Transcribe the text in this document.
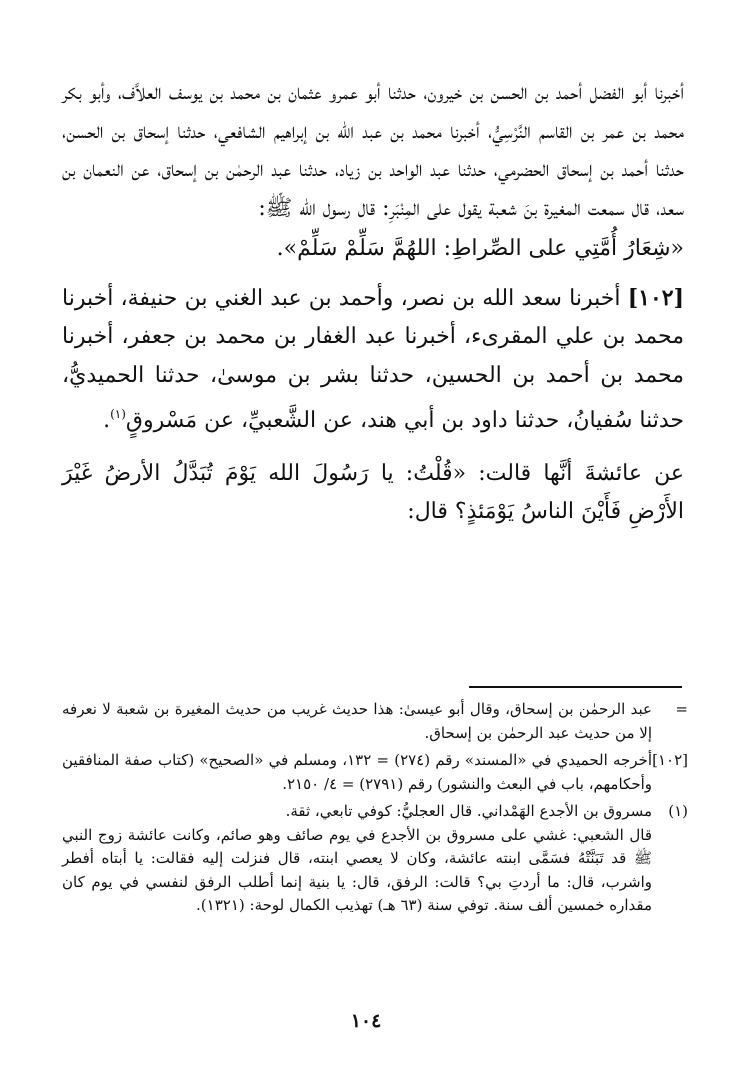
أخبرنا أبو الفضل أحمد بن الحسن بن خيرون، حدثنا أبو عمرو عثمان بن محمد بن يوسف العلاَّف، وأبو بكر محمد بن عمر بن القاسم النَّرْسِيُّ، أخبرنا محمد بن عبد الله بن إبراهيم الشافعي، حدثنا إسحاق بن الحسن، حدثنا أحمد بن إسحاق الحضرمي، حدثنا عبد الواحد بن زياد، حدثنا عبد الرحمٰن بن إسحاق، عن النعمان بن سعد، قال سمعت المغيرة بنَ شعبة يقول على المِنْبَرِ: قال رسول الله ﷺ:

«شِعَارُ أُمَّتِي على الصِّراطِ: اللهُمَّ سَلِّمْ سَلِّمْ».

[١٠٢] أخبرنا سعد الله بن نصر، وأحمد بن عبد الغني بن حنيفة، أخبرنا محمد بن علي المقرىء، أخبرنا عبد الغفار بن محمد بن جعفر، أخبرنا محمد بن أحمد بن الحسين، حدثنا بشر بن موسىٰ، حدثنا الحميديُّ، حدثنا سُفيانُ، حدثنا داود بن أبي هند، عن الشَّعبيِّ، عن مَسْروقٍ$^{(١)}$.

عن عائشةَ أنَّها قالت: «قُلْتُ: يا رَسُولَ الله يَوْمَ تُبَدَّلُ الأرضُ غَيْرَ الأَرْضِ فَأَيْنَ الناسُ يَوْمَئذٍ؟ قال:

=

عبد الرحمٰن بن إسحاق، وقال أبو عيسىٰ: هذا حديث غريب من حديث المغيرة بن شعبة لا نعرفه إلا من حديث عبد الرحمٰن بن إسحاق.

[١٠٢]

أخرجه الحميدي في «المسند» رقم (٢٧٤) = ١٣٢، ومسلم في «الصحيح» (كتاب صفة المنافقين وأحكامهم، باب في البعث والنشور) رقم (٢٧٩١) = ٤/ ٢١٥٠.

(١)

مسروق بن الأجدع الهَمْداني. قال العجليُّ: كوفي تابعي، ثقة.

قال الشعبي: غشي على مسروق بن الأجدع في يوم صائف وهو صائم، وكانت عائشة زوج النبي ﷺ قد تَبَنَّتْهُ فسَمَّى ابنته عائشة، وكان لا يعصي ابنته، قال فنزلت إليه فقالت: يا أبتاه أفطر واشرب، قال: ما أردتِ بي؟ قالت: الرفق، قال: يا بنية إنما أطلب الرفق لنفسي في يوم كان مقداره خمسين ألف سنة. توفي سنة (٦٣ هـ) تهذيب الكمال لوحة: (١٣٢١).

١٠٤
